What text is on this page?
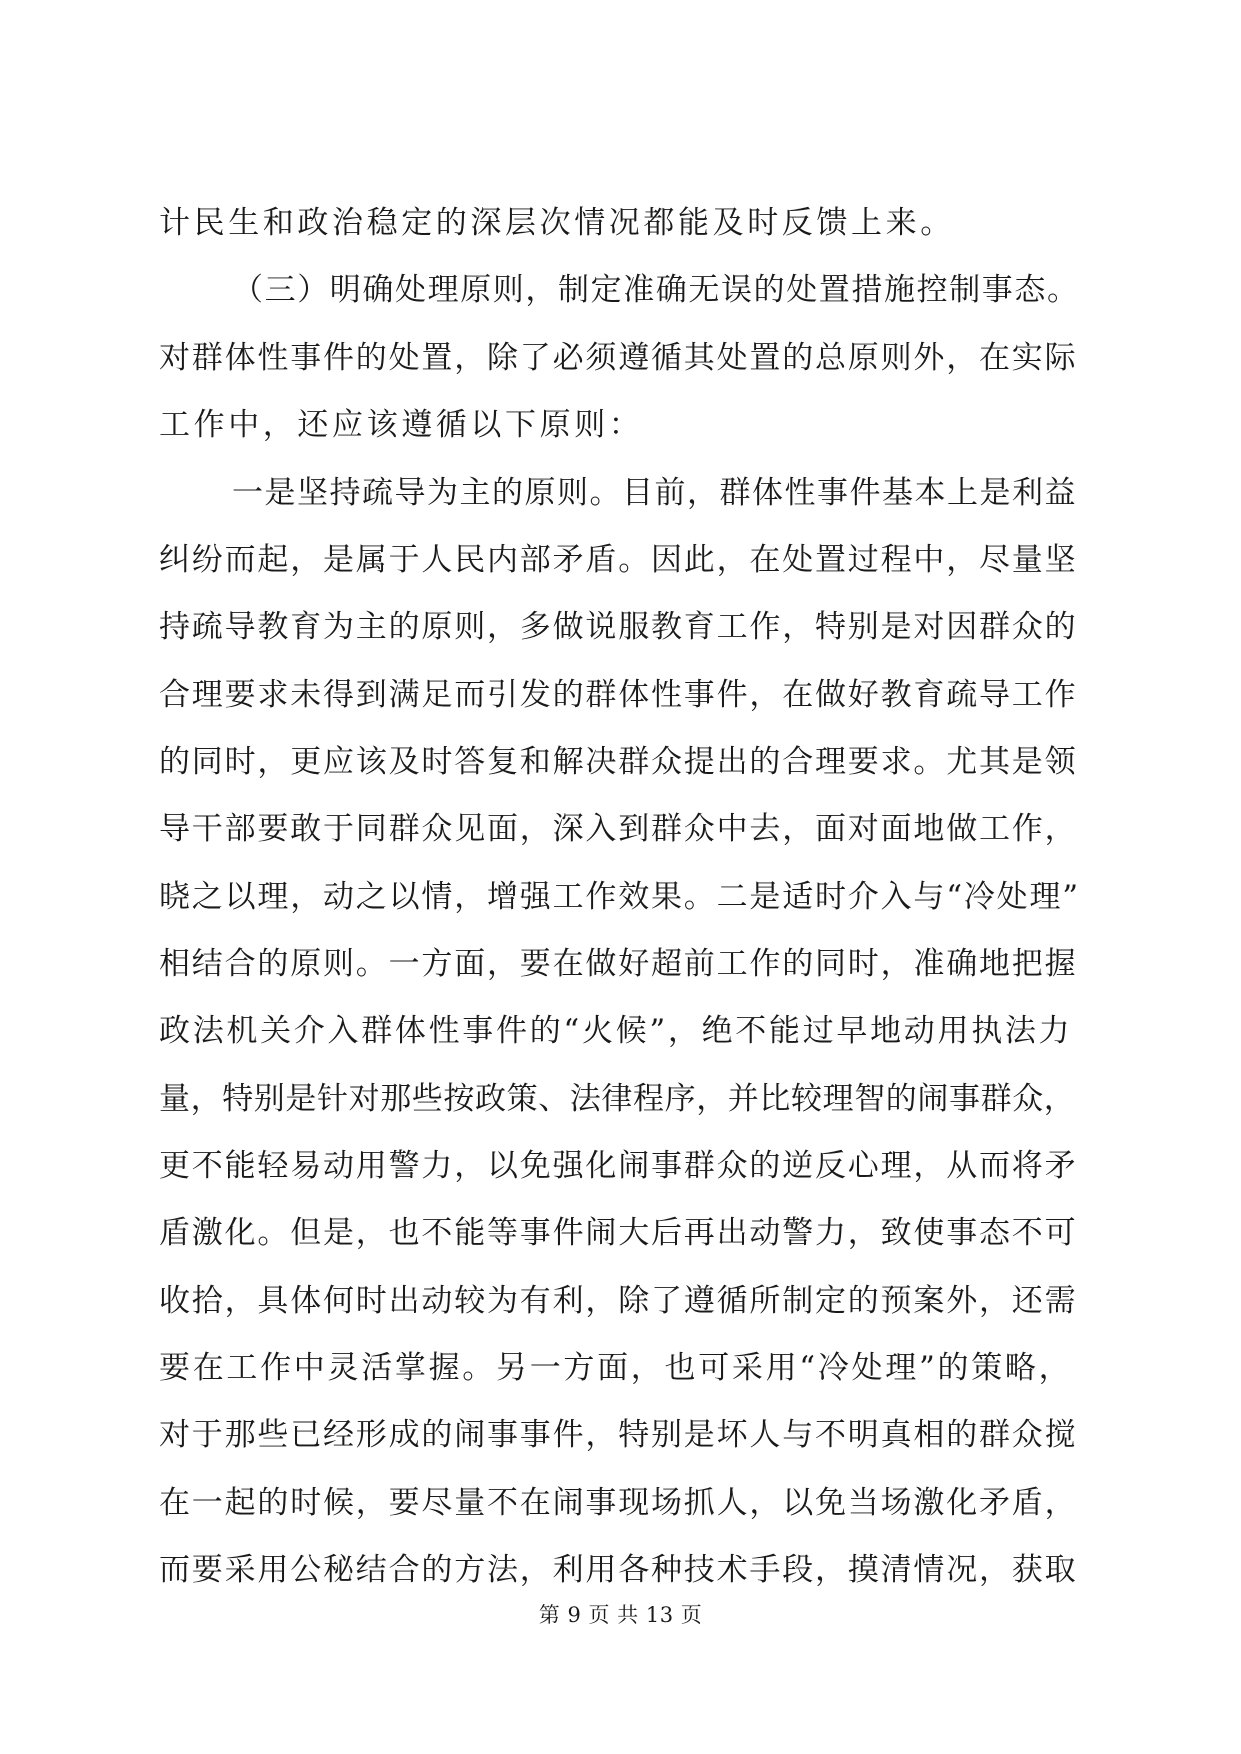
计民生和政治稳定的深层次情况都能及时反馈上来。
（三）明确处理原则，制定准确无误的处置措施控制事态。
对群体性事件的处置，除了必须遵循其处置的总原则外，在实际
工作中，还应该遵循以下原则：
一是坚持疏导为主的原则。目前，群体性事件基本上是利益
纠纷而起，是属于人民内部矛盾。因此，在处置过程中，尽量坚
持疏导教育为主的原则，多做说服教育工作，特别是对因群众的
合理要求未得到满足而引发的群体性事件，在做好教育疏导工作
的同时，更应该及时答复和解决群众提出的合理要求。尤其是领
导干部要敢于同群众见面，深入到群众中去，面对面地做工作，
晓之以理，动之以情，增强工作效果。二是适时介入与“冷处理”
相结合的原则。一方面，要在做好超前工作的同时，准确地把握
政法机关介入群体性事件的“火候”，绝不能过早地动用执法力
量，特别是针对那些按政策、法律程序，并比较理智的闹事群众，
更不能轻易动用警力，以免强化闹事群众的逆反心理，从而将矛
盾激化。但是，也不能等事件闹大后再出动警力，致使事态不可
收拾，具体何时出动较为有利，除了遵循所制定的预案外，还需
要在工作中灵活掌握。另一方面，也可采用“冷处理”的策略，
对于那些已经形成的闹事事件，特别是坏人与不明真相的群众搅
在一起的时候，要尽量不在闹事现场抓人，以免当场激化矛盾，
而要采用公秘结合的方法，利用各种技术手段，摸清情况，获取
第 9 页 共 13 页
